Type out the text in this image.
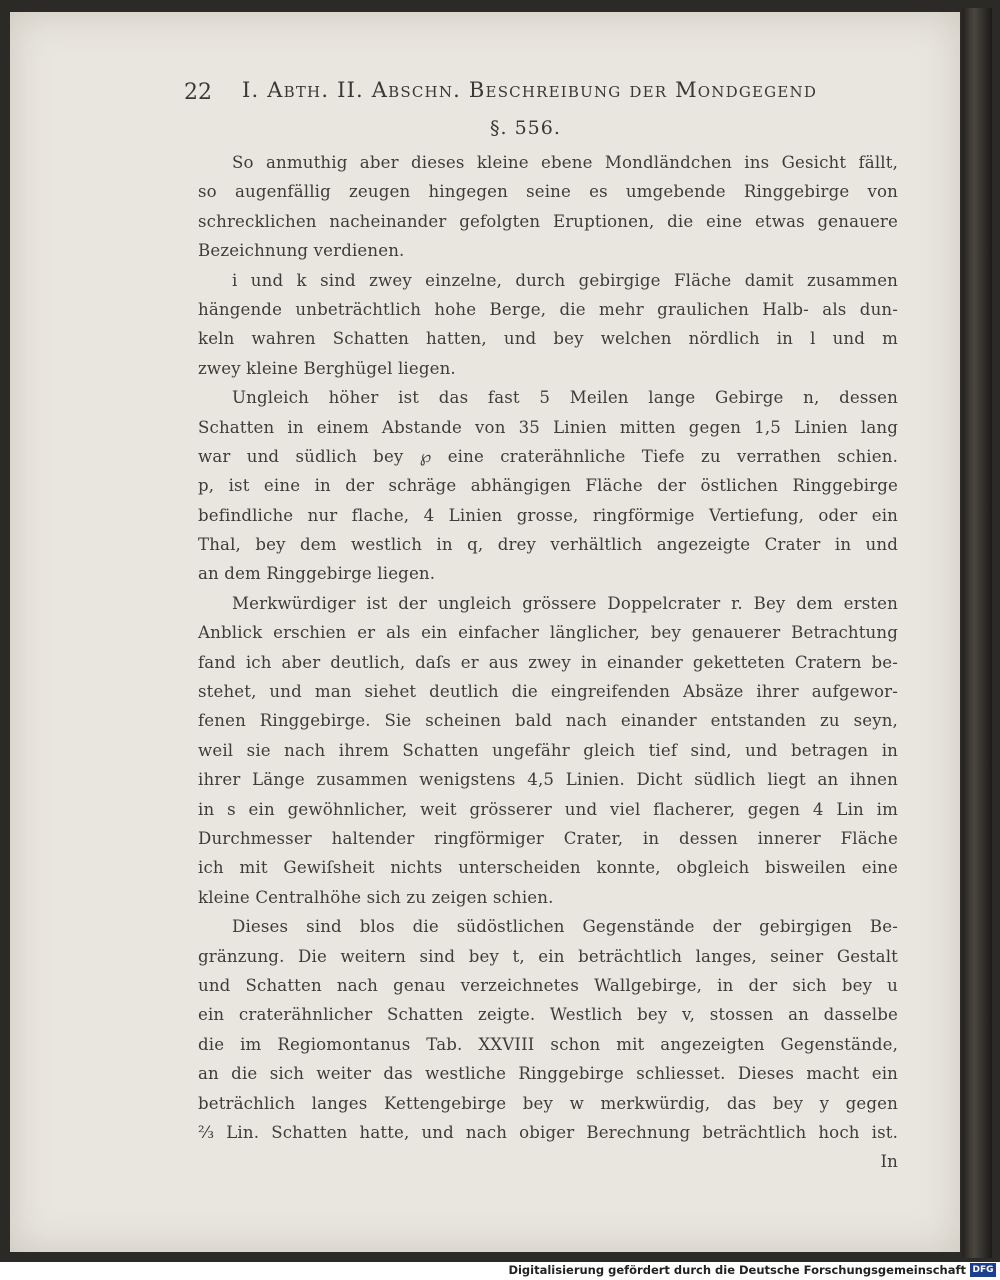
22 I. Abth. II. Abschn. Beschreibung der Mondgegend
§. 556.
So anmuthig aber dieses kleine ebene Mondländchen ins Gesicht fällt,
so augenfällig zeugen hingegen seine es umgebende Ringgebirge von
schrecklichen nacheinander gefolgten Eruptionen, die eine etwas genauere
Bezeichnung verdienen.
i und k sind zwey einzelne, durch gebirgige Fläche damit zusammen
hängende unbeträchtlich hohe Berge, die mehr graulichen Halb- als dun-
keln wahren Schatten hatten, und bey welchen nördlich in l und m
zwey kleine Berghügel liegen.
Ungleich höher ist das fast 5 Meilen lange Gebirge n, dessen
Schatten in einem Abstande von 35 Linien mitten gegen 1,5 Linien lang
war und südlich bey ℘ eine craterähnliche Tiefe zu verrathen schien.
p, ist eine in der schräge abhängigen Fläche der östlichen Ringgebirge
befindliche nur flache, 4 Linien grosse, ringförmige Vertiefung, oder ein
Thal, bey dem westlich in q, drey verhältlich angezeigte Crater in und
an dem Ringgebirge liegen.
Merkwürdiger ist der ungleich grössere Doppelcrater r. Bey dem ersten
Anblick erschien er als ein einfacher länglicher, bey genauerer Betrachtung
fand ich aber deutlich, daſs er aus zwey in einander geketteten Cratern be-
stehet, und man siehet deutlich die eingreifenden Absäze ihrer aufgewor-
fenen Ringgebirge. Sie scheinen bald nach einander entstanden zu seyn,
weil sie nach ihrem Schatten ungefähr gleich tief sind, und betragen in
ihrer Länge zusammen wenigstens 4,5 Linien. Dicht südlich liegt an ihnen
in s ein gewöhnlicher, weit grösserer und viel flacherer, gegen 4 Lin im
Durchmesser haltender ringförmiger Crater, in dessen innerer Fläche
ich mit Gewiſsheit nichts unterscheiden konnte, obgleich bisweilen eine
kleine Centralhöhe sich zu zeigen schien.
Dieses sind blos die südöstlichen Gegenstände der gebirgigen Be-
gränzung. Die weitern sind bey t, ein beträchtlich langes, seiner Gestalt
und Schatten nach genau verzeichnetes Wallgebirge, in der sich bey u
ein craterähnlicher Schatten zeigte. Westlich bey v, stossen an dasselbe
die im Regiomontanus Tab. XXVIII schon mit angezeigten Gegenstände,
an die sich weiter das westliche Ringgebirge schliesset. Dieses macht ein
beträchlich langes Kettengebirge bey w merkwürdig, das bey y gegen
⅔ Lin. Schatten hatte, und nach obiger Berechnung beträchtlich hoch ist.
In
Digitalisierung gefördert durch die Deutsche Forschungsgemeinschaft DFG
